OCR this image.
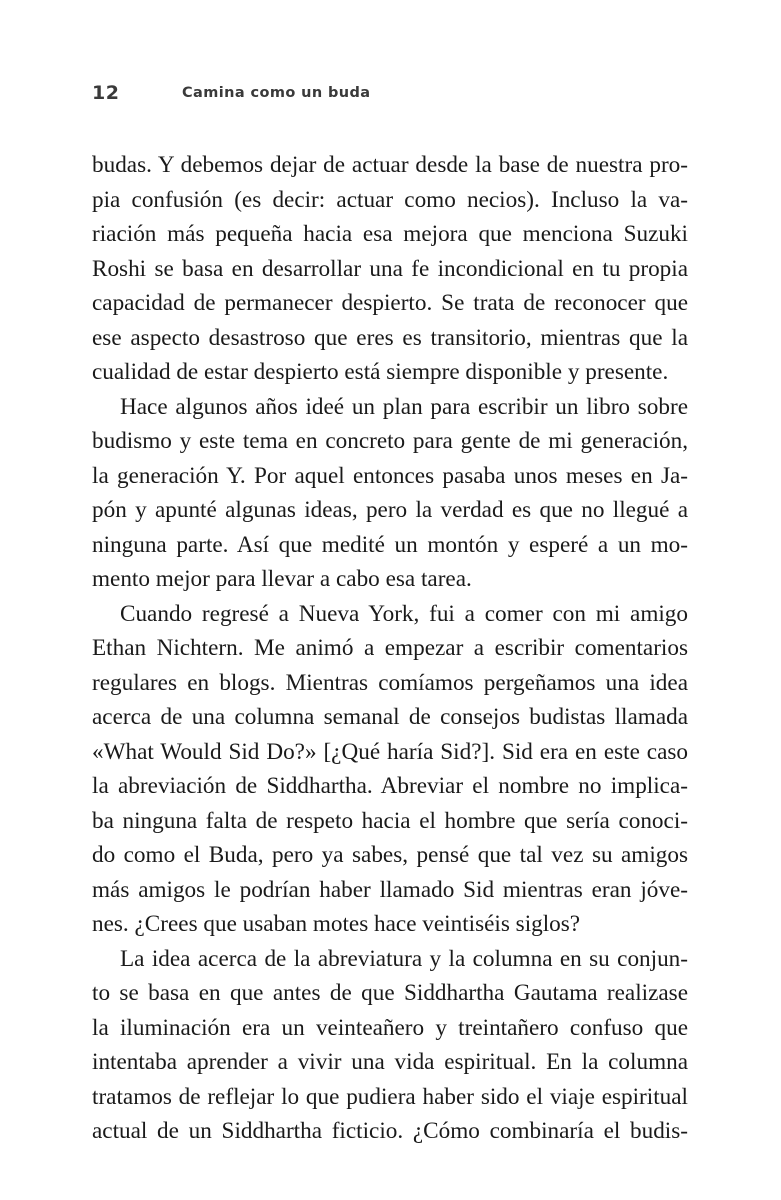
12	Camina como un buda
budas. Y debemos dejar de actuar desde la base de nuestra pro-
pia confusión (es decir: actuar como necios). Incluso la va-
riación más pequeña hacia esa mejora que menciona Suzuki
Roshi se basa en desarrollar una fe incondicional en tu propia
capacidad de permanecer despierto. Se trata de reconocer que
ese aspecto desastroso que eres es transitorio, mientras que la
cualidad de estar despierto está siempre disponible y presente.
Hace algunos años ideé un plan para escribir un libro sobre
budismo y este tema en concreto para gente de mi generación,
la generación Y. Por aquel entonces pasaba unos meses en Ja-
pón y apunté algunas ideas, pero la verdad es que no llegué a
ninguna parte. Así que medité un montón y esperé a un mo-
mento mejor para llevar a cabo esa tarea.
Cuando regresé a Nueva York, fui a comer con mi amigo
Ethan Nichtern. Me animó a empezar a escribir comentarios
regulares en blogs. Mientras comíamos pergeñamos una idea
acerca de una columna semanal de consejos budistas llamada
«What Would Sid Do?» [¿Qué haría Sid?]. Sid era en este caso
la abreviación de Siddhartha. Abreviar el nombre no implica-
ba ninguna falta de respeto hacia el hombre que sería conoci-
do como el Buda, pero ya sabes, pensé que tal vez su amigos
más amigos le podrían haber llamado Sid mientras eran jóve-
nes. ¿Crees que usaban motes hace veintiséis siglos?
La idea acerca de la abreviatura y la columna en su conjun-
to se basa en que antes de que Siddhartha Gautama realizase
la iluminación era un veinteañero y treintañero confuso que
intentaba aprender a vivir una vida espiritual. En la columna
tratamos de reflejar lo que pudiera haber sido el viaje espiritual
actual de un Siddhartha ficticio. ¿Cómo combinaría el budis-
